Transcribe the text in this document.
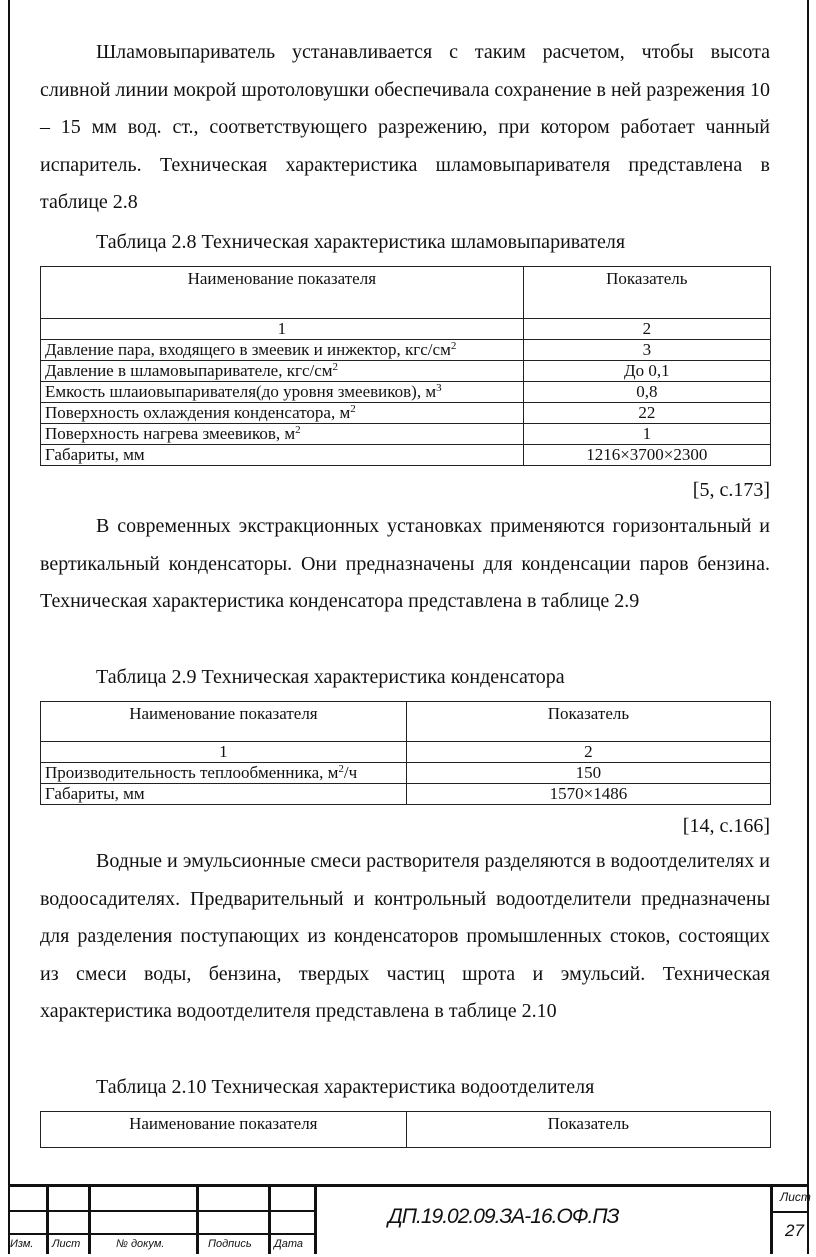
Шламовыпариватель устанавливается с таким расчетом, чтобы высота сливной линии мокрой шротоловушки обеспечивала сохранение в ней разрежения 10 – 15 мм вод. ст., соответствующего разрежению, при котором работает чанный испаритель. Техническая характеристика шламовыпаривателя представлена в таблице 2.8

Таблица 2.8 Техническая характеристика шламовыпаривателя

Наименование показателя	Показатель
1	2
Давление пара, входящего в змеевик и инжектор, кгс/$см^2$	3
Давление в шламовыпаривателе, кгс/$см^2$	До 0,1
Емкость шлаиовыпаривателя(до уровня змеевиков), $м^3$	0,8
Поверхность охлаждения конденсатора, $м^2$	22
Поверхность нагрева змеевиков, $м^2$	1
Габариты, мм	1216×3700×2300

[5, с.173]

В современных экстракционных установках применяются горизонтальный и вертикальный конденсаторы. Они предназначены для конденсации паров бензина. Техническая характеристика конденсатора представлена в таблице 2.9

Таблица 2.9 Техническая характеристика конденсатора

Наименование показателя	Показатель
1	2
Производительность теплообменника, $м^2/ч$	150
Габариты, мм	1570×1486

[14, с.166]

Водные и эмульсионные смеси растворителя разделяются в водоотделителях и водоосадителях. Предварительный и контрольный водоотделители предназначены для разделения поступающих из конденсаторов промышленных стоков, состоящих из смеси воды, бензина, твердых частиц шрота и эмульсий. Техническая характеристика водоотделителя представлена в таблице 2.10

Таблица 2.10 Техническая характеристика водоотделителя

Наименование показателя	Показатель
Изм. Лист	№ докум.	Подпись Дата
ДП.19.02.09.ЗА-16.ОФ.ПЗ
Лист
27
